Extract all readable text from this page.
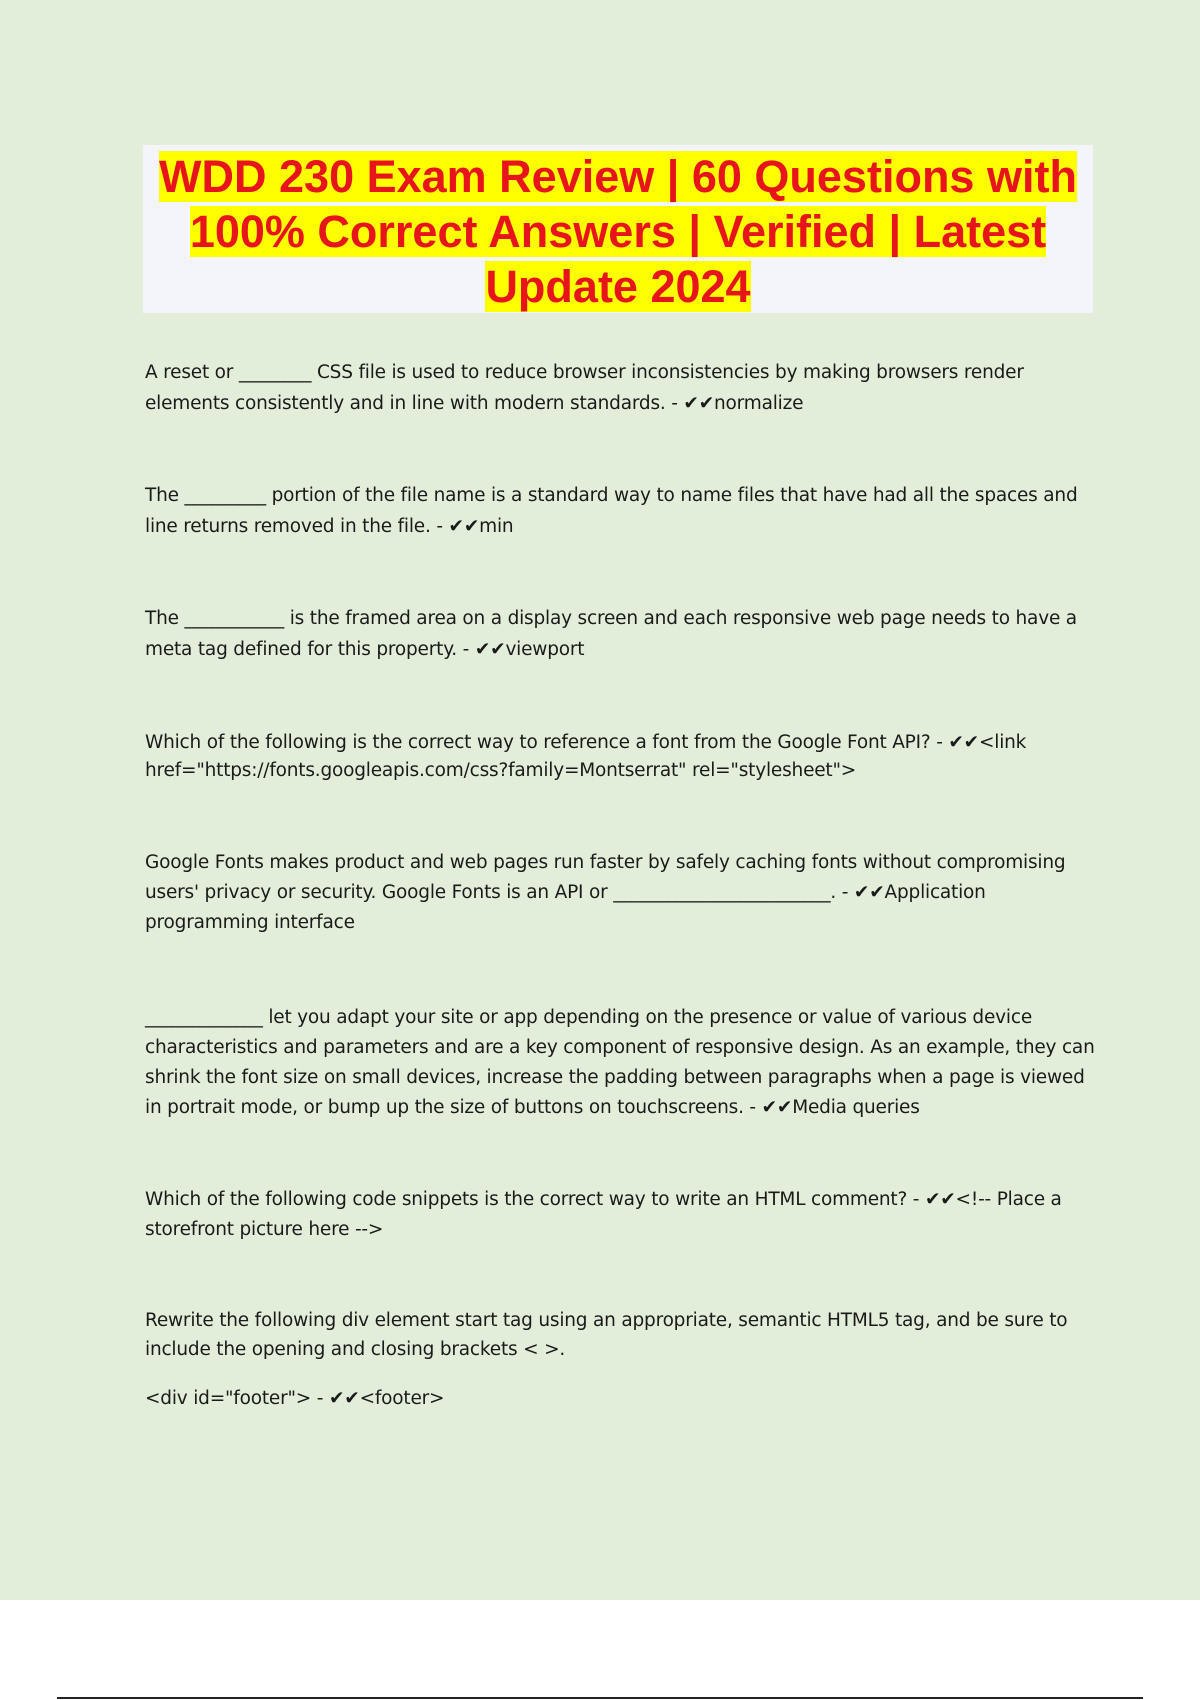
WDD 230 Exam Review | 60 Questions with 100% Correct Answers | Verified | Latest Update 2024

A reset or ________ CSS file is used to reduce browser inconsistencies by making browsers render elements consistently and in line with modern standards. - ✔✔normalize

The _________ portion of the file name is a standard way to name files that have had all the spaces and line returns removed in the file. - ✔✔min

The ___________ is the framed area on a display screen and each responsive web page needs to have a meta tag defined for this property. - ✔✔viewport

Which of the following is the correct way to reference a font from the Google Font API? - ✔✔<link href="https://fonts.googleapis.com/css?family=Montserrat" rel="stylesheet">

Google Fonts makes product and web pages run faster by safely caching fonts without compromising users' privacy or security. Google Fonts is an API or ________________________. - ✔✔Application programming interface

_____________ let you adapt your site or app depending on the presence or value of various device characteristics and parameters and are a key component of responsive design. As an example, they can shrink the font size on small devices, increase the padding between paragraphs when a page is viewed in portrait mode, or bump up the size of buttons on touchscreens. - ✔✔Media queries

Which of the following code snippets is the correct way to write an HTML comment? - ✔✔<!-- Place a storefront picture here -->

Rewrite the following div element start tag using an appropriate, semantic HTML5 tag, and be sure to include the opening and closing brackets < >.

<div id="footer"> - ✔✔<footer>
